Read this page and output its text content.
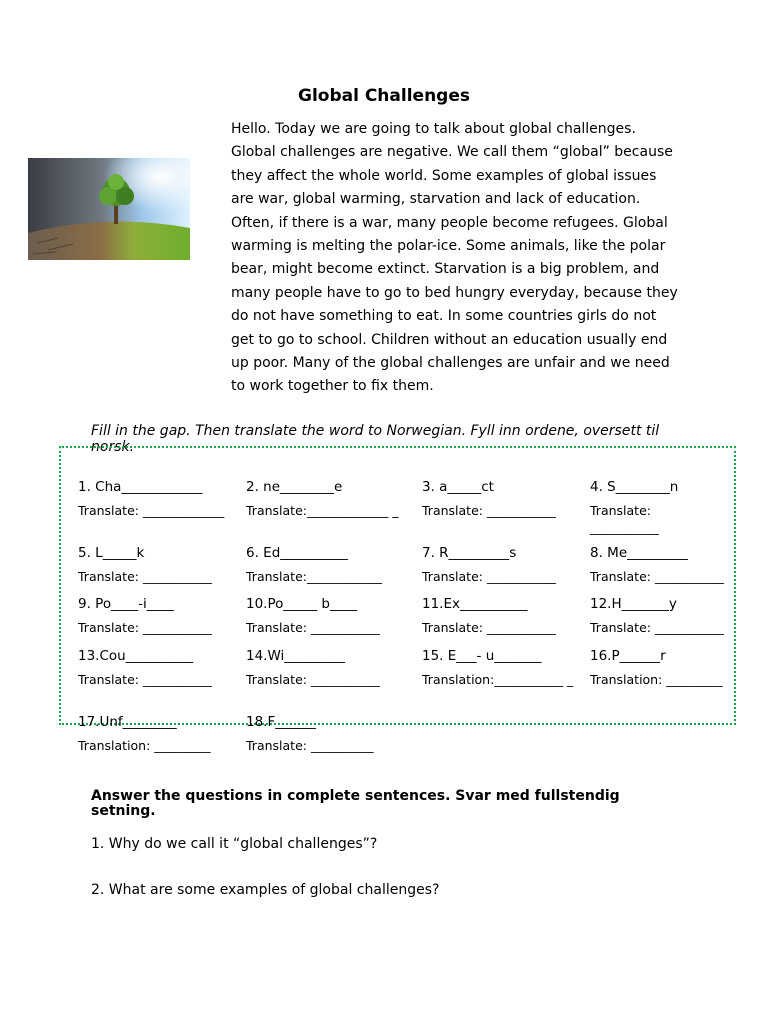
Global Challenges
Hello. Today we are going to talk about global challenges. Global challenges are negative. We call them “global” because they affect the whole world. Some examples of global issues are war, global warming, starvation and lack of education. Often, if there is a war, many people become refugees. Global warming is melting the polar-ice. Some animals, like the polar bear, might become extinct. Starvation is a big problem, and many people have to go to bed hungry everyday, because they do not have something to eat. In some countries girls do not get to go to school. Children without an education usually end up poor. Many of the global challenges are unfair and we need to work together to fix them.
Fill in the gap. Then translate the word to Norwegian. Fyll inn ordene, oversett til norsk.
1. Cha____________
Translate: _____________
2. ne________e
Translate:_____________ _
3. a_____ct
Translate: ___________
4. S________n
Translate: ___________
5. L_____k
Translate: ___________
6. Ed__________
Translate:____________
7. R_________s
Translate: ___________
8. Me_________
Translate: ___________
9. Po____-i____
Translate: ___________
10.Po_____ b____
Translate: ___________
11.Ex__________
Translate: ___________
12.H_______y
Translate: ___________
13.Cou__________
Translate: ___________
14.Wi_________
Translate: ___________
15. E___- u_______
Translation:___________ _
16.P______r
Translation: _________
17.Unf________
Translation: _________
18.F______
Translate: __________
Answer the questions in complete sentences. Svar med fullstendig setning.
1. Why do we call it “global challenges”?
2. What are some examples of global challenges?
